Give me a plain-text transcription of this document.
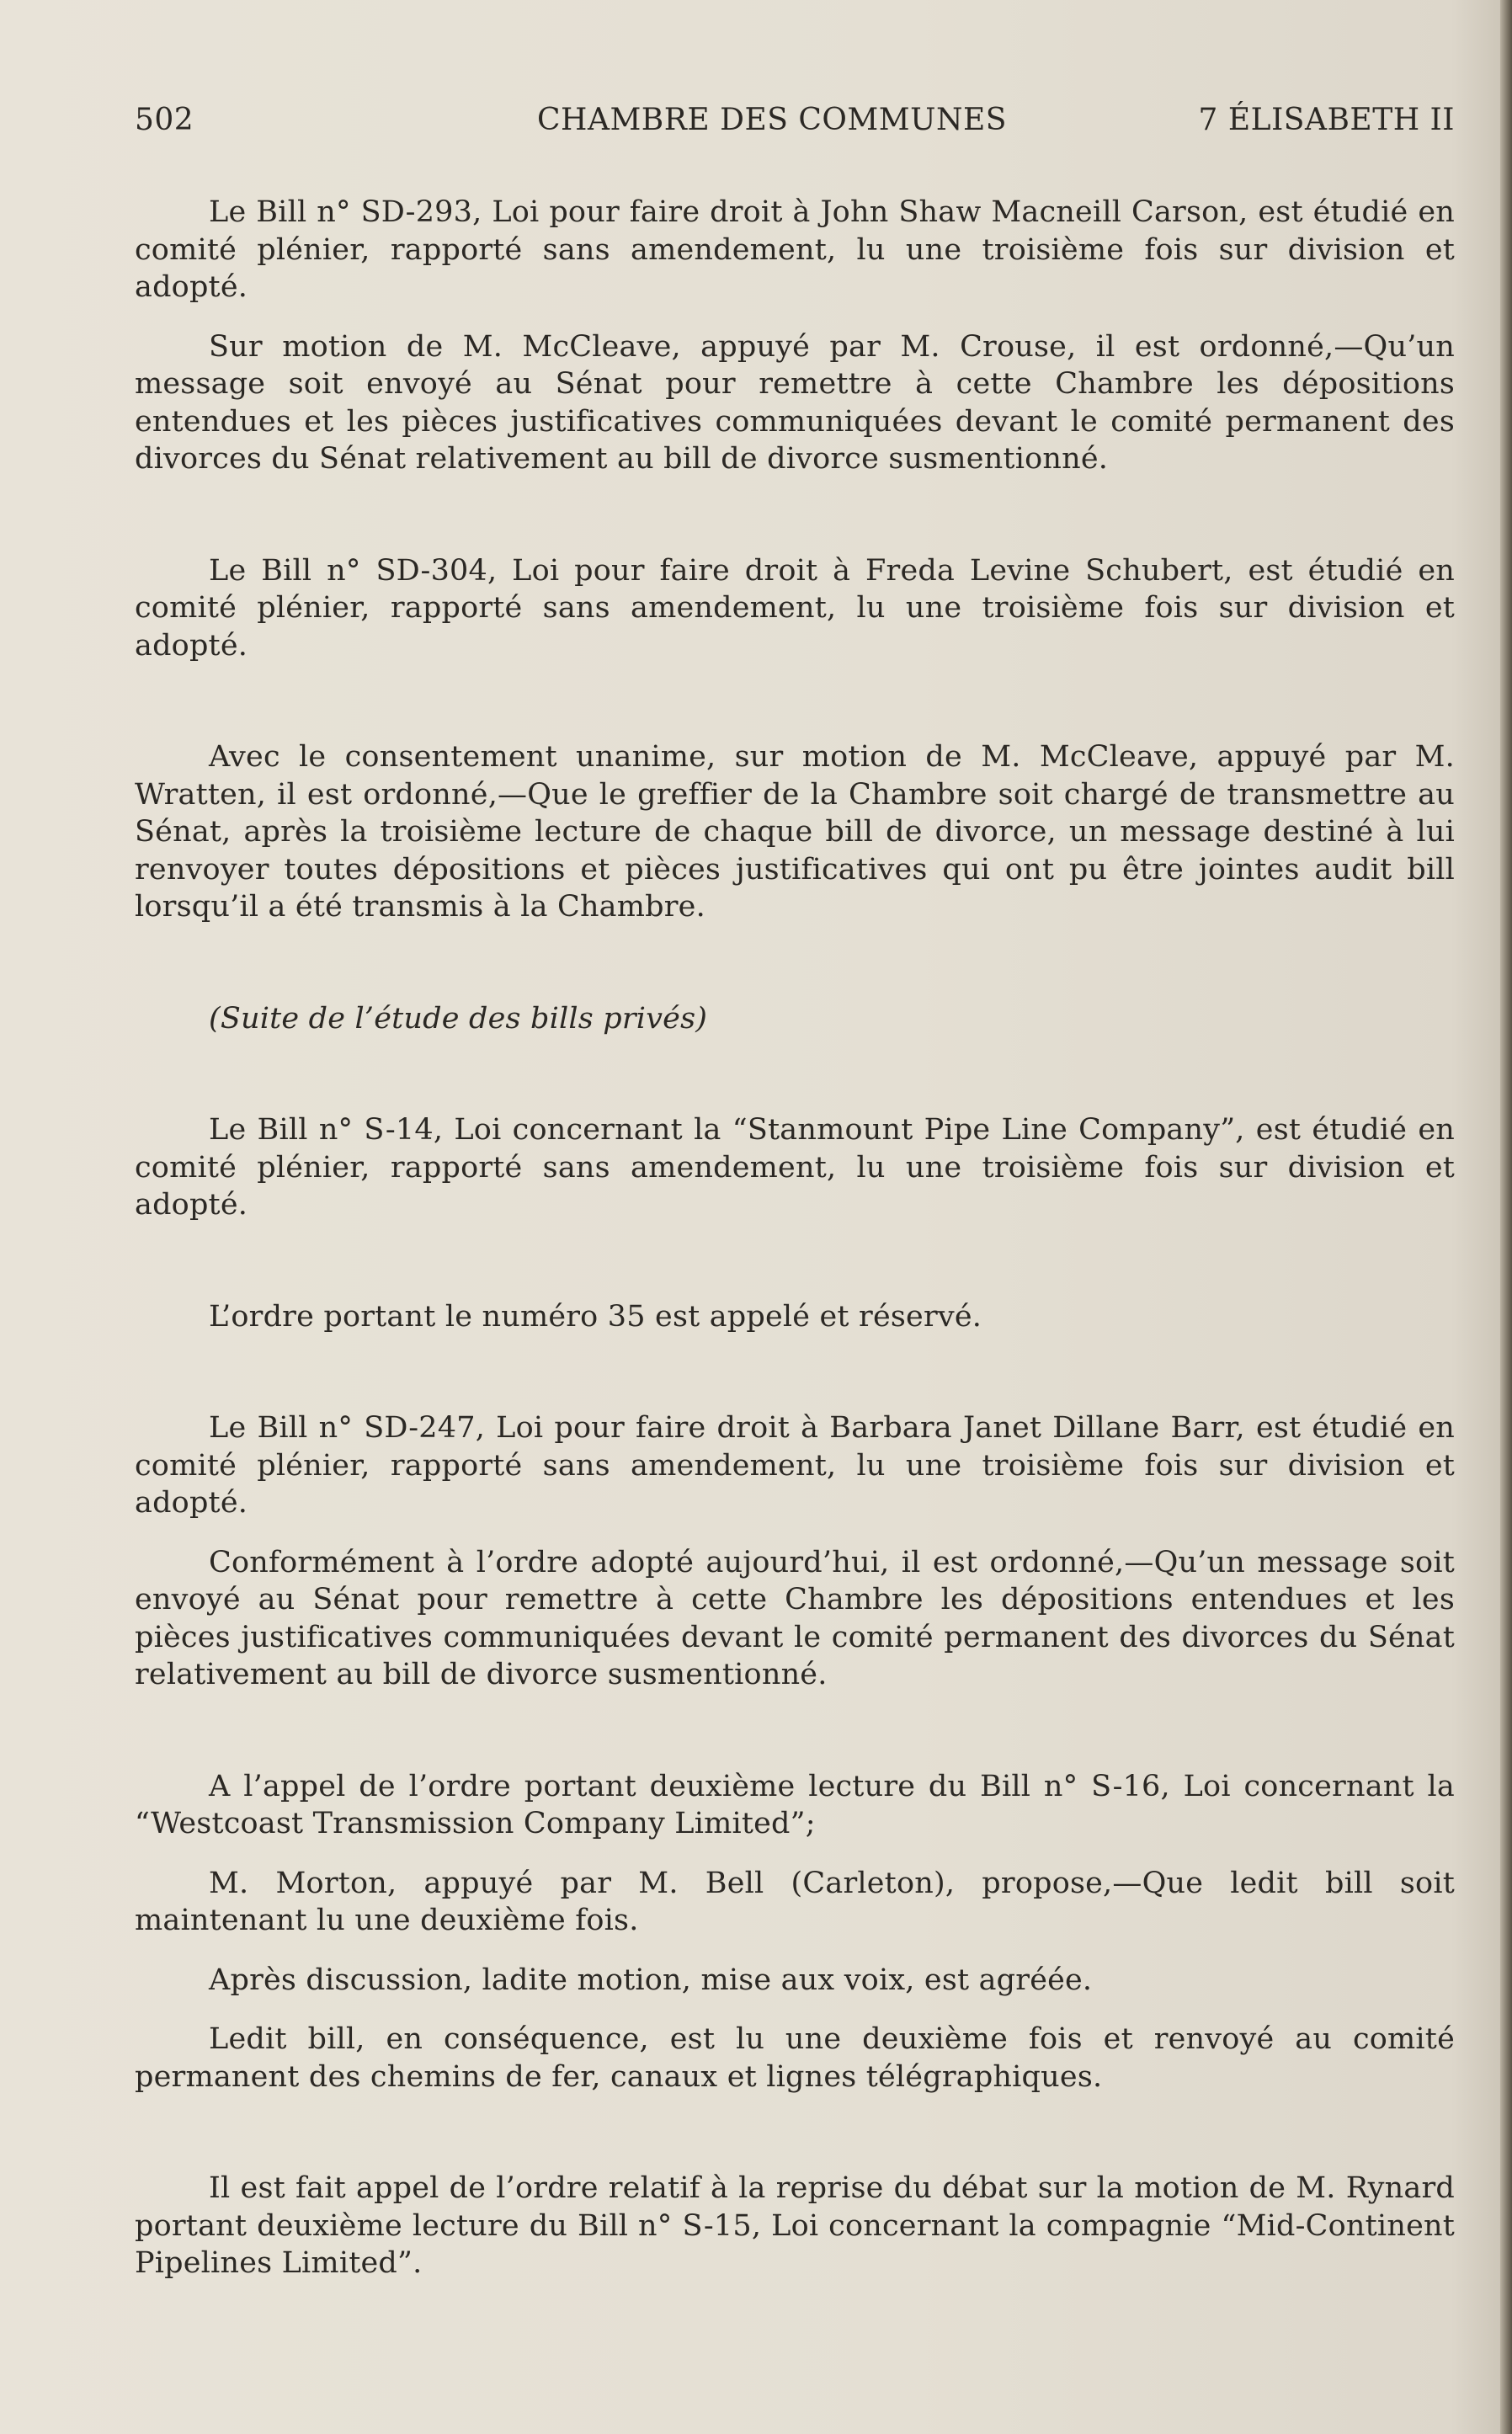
502	CHAMBRE DES COMMUNES	7 ÉLISABETH II

Le Bill n° SD-293, Loi pour faire droit à John Shaw Macneill Carson, est étudié en comité plénier, rapporté sans amendement, lu une troisième fois sur division et adopté.

Sur motion de M. McCleave, appuyé par M. Crouse, il est ordonné,—Qu’un message soit envoyé au Sénat pour remettre à cette Chambre les dépositions entendues et les pièces justificatives communiquées devant le comité permanent des divorces du Sénat relativement au bill de divorce susmentionné.

Le Bill n° SD-304, Loi pour faire droit à Freda Levine Schubert, est étudié en comité plénier, rapporté sans amendement, lu une troisième fois sur division et adopté.

Avec le consentement unanime, sur motion de M. McCleave, appuyé par M. Wratten, il est ordonné,—Que le greffier de la Chambre soit chargé de transmettre au Sénat, après la troisième lecture de chaque bill de divorce, un message destiné à lui renvoyer toutes dépositions et pièces justificatives qui ont pu être jointes audit bill lorsqu’il a été transmis à la Chambre.

(Suite de l’étude des bills privés)

Le Bill n° S-14, Loi concernant la “Stanmount Pipe Line Company”, est étudié en comité plénier, rapporté sans amendement, lu une troisième fois sur division et adopté.

L’ordre portant le numéro 35 est appelé et réservé.

Le Bill n° SD-247, Loi pour faire droit à Barbara Janet Dillane Barr, est étudié en comité plénier, rapporté sans amendement, lu une troisième fois sur division et adopté.

Conformément à l’ordre adopté aujourd’hui, il est ordonné,—Qu’un message soit envoyé au Sénat pour remettre à cette Chambre les dépositions entendues et les pièces justificatives communiquées devant le comité permanent des divorces du Sénat relativement au bill de divorce susmentionné.

A l’appel de l’ordre portant deuxième lecture du Bill n° S-16, Loi concernant la “Westcoast Transmission Company Limited”;

M. Morton, appuyé par M. Bell (Carleton), propose,—Que ledit bill soit maintenant lu une deuxième fois.

Après discussion, ladite motion, mise aux voix, est agréée.

Ledit bill, en conséquence, est lu une deuxième fois et renvoyé au comité permanent des chemins de fer, canaux et lignes télégraphiques.

Il est fait appel de l’ordre relatif à la reprise du débat sur la motion de M. Rynard portant deuxième lecture du Bill n° S-15, Loi concernant la compagnie “Mid-Continent Pipelines Limited”.
